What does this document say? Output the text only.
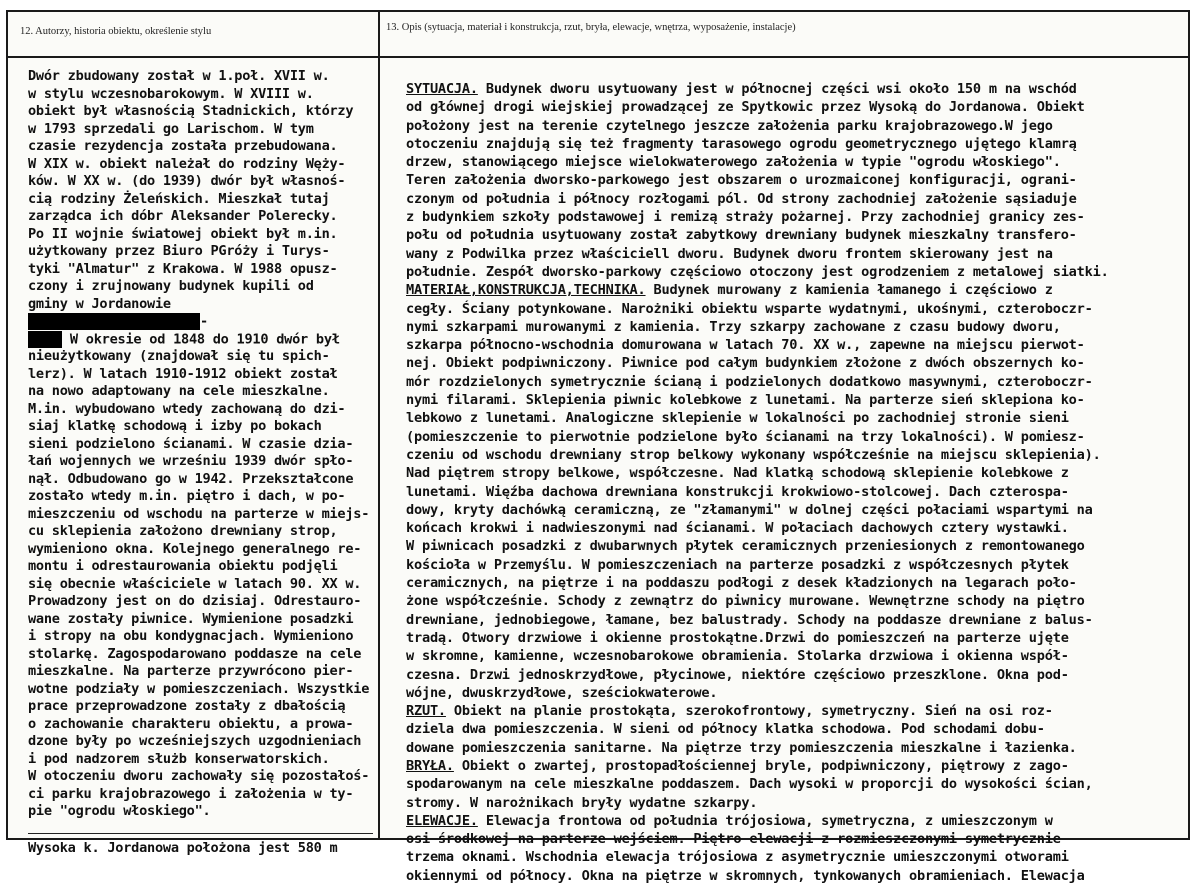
12. Autorzy, historia obiektu, określenie stylu	13. Opis (sytuacja, materiał i konstrukcja, rzut, bryła, elewacje, wnętrza, wyposażenie, instalacje)
Dwór zbudowany został w 1.poł. XVII w.
w stylu wczesnobarokowym. W XVIII w.
obiekt był własnością Stadnickich, którzy
w 1793 sprzedali go Larischom. W tym
czasie rezydencja została przebudowana.
W XIX w. obiekt należał do rodziny Węży-
ków. W XX w. (do 1939) dwór był własnoś-
cią rodziny Żeleńskich. Mieszkał tutaj
zarządca ich dóbr Aleksander Polerecky.
Po II wojnie światowej obiekt był m.in.
użytkowany przez Biuro PGróży i Turys-
tyki "Almatur" z Krakowa. W 1988 opusz-
czony i zrujnowany budynek kupili od
gminy w Jordanowie
-
W okresie od 1848 do 1910 dwór był
nieużytkowany (znajdował się tu spich-
lerz). W latach 1910-1912 obiekt został
na nowo adaptowany na cele mieszkalne.
M.in. wybudowano wtedy zachowaną do dzi-
siaj klatkę schodową i izby po bokach
sieni podzielono ścianami. W czasie dzia-
łań wojennych we wrześniu 1939 dwór spło-
nął. Odbudowano go w 1942. Przekształcone
zostało wtedy m.in. piętro i dach, w po-
mieszczeniu od wschodu na parterze w miejs-
cu sklepienia założono drewniany strop,
wymieniono okna. Kolejnego generalnego re-
montu i odrestaurowania obiektu podjęli
się obecnie właściciele w latach 90. XX w.
Prowadzony jest on do dzisiaj. Odrestauro-
wane zostały piwnice. Wymienione posadzki
i stropy na obu kondygnacjach. Wymieniono
stolarkę. Zagospodarowano poddasze na cele
mieszkalne. Na parterze przywrócono pier-
wotne podziały w pomieszczeniach. Wszystkie
prace przeprowadzone zostały z dbałością
o zachowanie charakteru obiektu, a prowa-
dzone były po wcześniejszych uzgodnieniach
i pod nadzorem służb konserwatorskich.
W otoczeniu dworu zachowały się pozostałoś-
ci parku krajobrazowego i założenia w ty-
pie "ogrodu włoskiego".
Wysoka k. Jordanowa położona jest 580 m
SYTUACJA. Budynek dworu usytuowany jest w północnej części wsi około 150 m na wschód
od głównej drogi wiejskiej prowadzącej ze Spytkowic przez Wysoką do Jordanowa. Obiekt
położony jest na terenie czytelnego jeszcze założenia parku krajobrazowego.W jego
otoczeniu znajdują się też fragmenty tarasowego ogrodu geometrycznego ujętego klamrą
drzew, stanowiącego miejsce wielokwaterowego założenia w typie "ogrodu włoskiego".
Teren założenia dworsko-parkowego jest obszarem o urozmaiconej konfiguracji, ograni-
czonym od południa i północy rozłogami pól. Od strony zachodniej założenie sąsiaduje
z budynkiem szkoły podstawowej i remizą straży pożarnej. Przy zachodniej granicy zes-
połu od południa usytuowany został zabytkowy drewniany budynek mieszkalny transfero-
wany z Podwilka przez właściciell dworu. Budynek dworu frontem skierowany jest na
południe. Zespół dworsko-parkowy częściowo otoczony jest ogrodzeniem z metalowej siatki.
MATERIAŁ,KONSTRUKCJA,TECHNIKA. Budynek murowany z kamienia łamanego i częściowo z
cegły. Ściany potynkowane. Narożniki obiektu wsparte wydatnymi, ukośnymi, czteroboczr-
nymi szkarpami murowanymi z kamienia. Trzy szkarpy zachowane z czasu budowy dworu,
szkarpa północno-wschodnia domurowana w latach 70. XX w., zapewne na miejscu pierwot-
nej. Obiekt podpiwniczony. Piwnice pod całym budynkiem złożone z dwóch obszernych ko-
mór rozdzielonych symetrycznie ścianą i podzielonych dodatkowo masywnymi, czteroboczr-
nymi filarami. Sklepienia piwnic kolebkowe z lunetami. Na parterze sień sklepiona ko-
lebkowo z lunetami. Analogiczne sklepienie w lokalności po zachodniej stronie sieni
(pomieszczenie to pierwotnie podzielone było ścianami na trzy lokalności). W pomiesz-
czeniu od wschodu drewniany strop belkowy wykonany współcześnie na miejscu sklepienia).
Nad piętrem stropy belkowe, współczesne. Nad klatką schodową sklepienie kolebkowe z
lunetami. Więźba dachowa drewniana konstrukcji krokwiowo-stolcowej. Dach czterospa-
dowy, kryty dachówką ceramiczną, ze "złamanymi" w dolnej części połaciami wspartymi na
końcach krokwi i nadwieszonymi nad ścianami. W połaciach dachowych cztery wystawki.
W piwnicach posadzki z dwubarwnych płytek ceramicznych przeniesionych z remontowanego
kościoła w Przemyślu. W pomieszczeniach na parterze posadzki z współczesnych płytek
ceramicznych, na piętrze i na poddaszu podłogi z desek kładzionych na legarach poło-
żone współcześnie. Schody z zewnątrz do piwnicy murowane. Wewnętrzne schody na piętro
drewniane, jednobiegowe, łamane, bez balustrady. Schody na poddasze drewniane z balus-
tradą. Otwory drzwiowe i okienne prostokątne.Drzwi do pomieszczeń na parterze ujęte
w skromne, kamienne, wczesnobarokowe obramienia. Stolarka drzwiowa i okienna współ-
czesna. Drzwi jednoskrzydłowe, płycinowe, niektóre częściowo przeszklone. Okna pod-
wójne, dwuskrzydłowe, sześciokwaterowe.
RZUT. Obiekt na planie prostokąta, szerokofrontowy, symetryczny. Sień na osi roz-
dziela dwa pomieszczenia. W sieni od północy klatka schodowa. Pod schodami dobu-
dowane pomieszczenia sanitarne. Na piętrze trzy pomieszczenia mieszkalne i łazienka.
BRYŁA. Obiekt o zwartej, prostopadłościennej bryle, podpiwniczony, piętrowy z zago-
spodarowanym na cele mieszkalne poddaszem. Dach wysoki w proporcji do wysokości ścian,
stromy. W narożnikach bryły wydatne szkarpy.
ELEWACJE. Elewacja frontowa od południa trójosiowa, symetryczna, z umieszczonym w
osi środkowej na parterze wejściem. Piętro elewacji z rozmieszczonymi symetrycznie
trzema oknami. Wschodnia elewacja trójosiowa z asymetrycznie umieszczonymi otworami
okiennymi od północy. Okna na piętrze w skromnych, tynkowanych obramieniach. Elewacja
